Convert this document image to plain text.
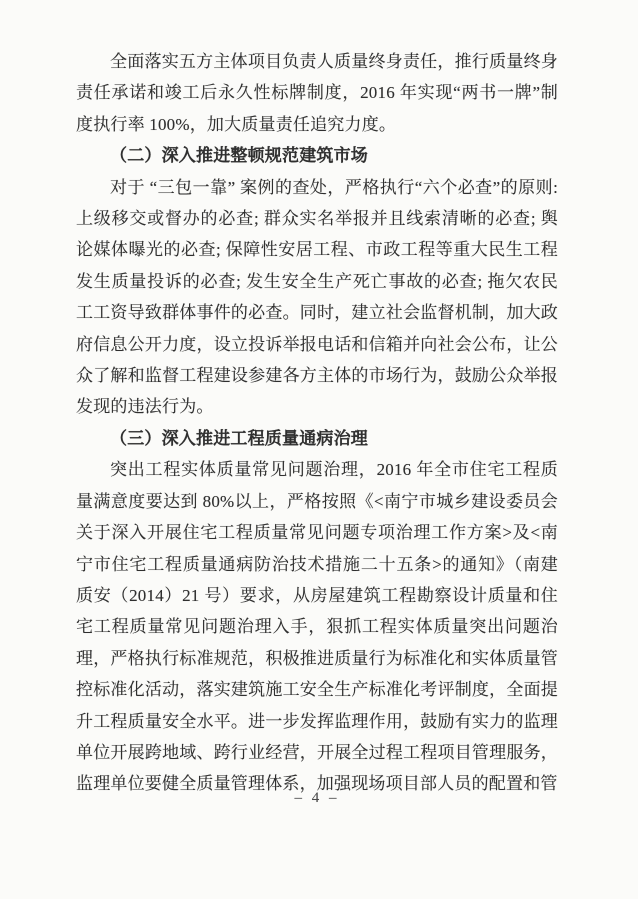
全面落实五方主体项目负责人质量终身责任，推行质量终身责任承诺和竣工后永久性标牌制度，2016 年实现“两书一牌”制度执行率 100%，加大质量责任追究力度。

（二）深入推进整顿规范建筑市场

对于 “三包一靠” 案例的查处，严格执行“六个必查”的原则: 上级移交或督办的必查; 群众实名举报并且线索清晰的必查; 舆论媒体曝光的必查; 保障性安居工程、市政工程等重大民生工程发生质量投诉的必查; 发生安全生产死亡事故的必查; 拖欠农民工工资导致群体事件的必查。同时，建立社会监督机制，加大政府信息公开力度，设立投诉举报电话和信箱并向社会公布，让公众了解和监督工程建设参建各方主体的市场行为，鼓励公众举报发现的违法行为。

（三）深入推进工程质量通病治理

突出工程实体质量常见问题治理，2016 年全市住宅工程质量满意度要达到 80%以上，严格按照《<南宁市城乡建设委员会关于深入开展住宅工程质量常见问题专项治理工作方案>及<南宁市住宅工程质量通病防治技术措施二十五条>的通知》（南建质安（2014）21 号）要求，从房屋建筑工程勘察设计质量和住宅工程质量常见问题治理入手，狠抓工程实体质量突出问题治理，严格执行标准规范，积极推进质量行为标准化和实体质量管控标准化活动，落实建筑施工安全生产标准化考评制度，全面提升工程质量安全水平。进一步发挥监理作用，鼓励有实力的监理单位开展跨地域、跨行业经营，开展全过程工程项目管理服务，监理单位要健全质量管理体系，加强现场项目部人员的配置和管

– 4 –
